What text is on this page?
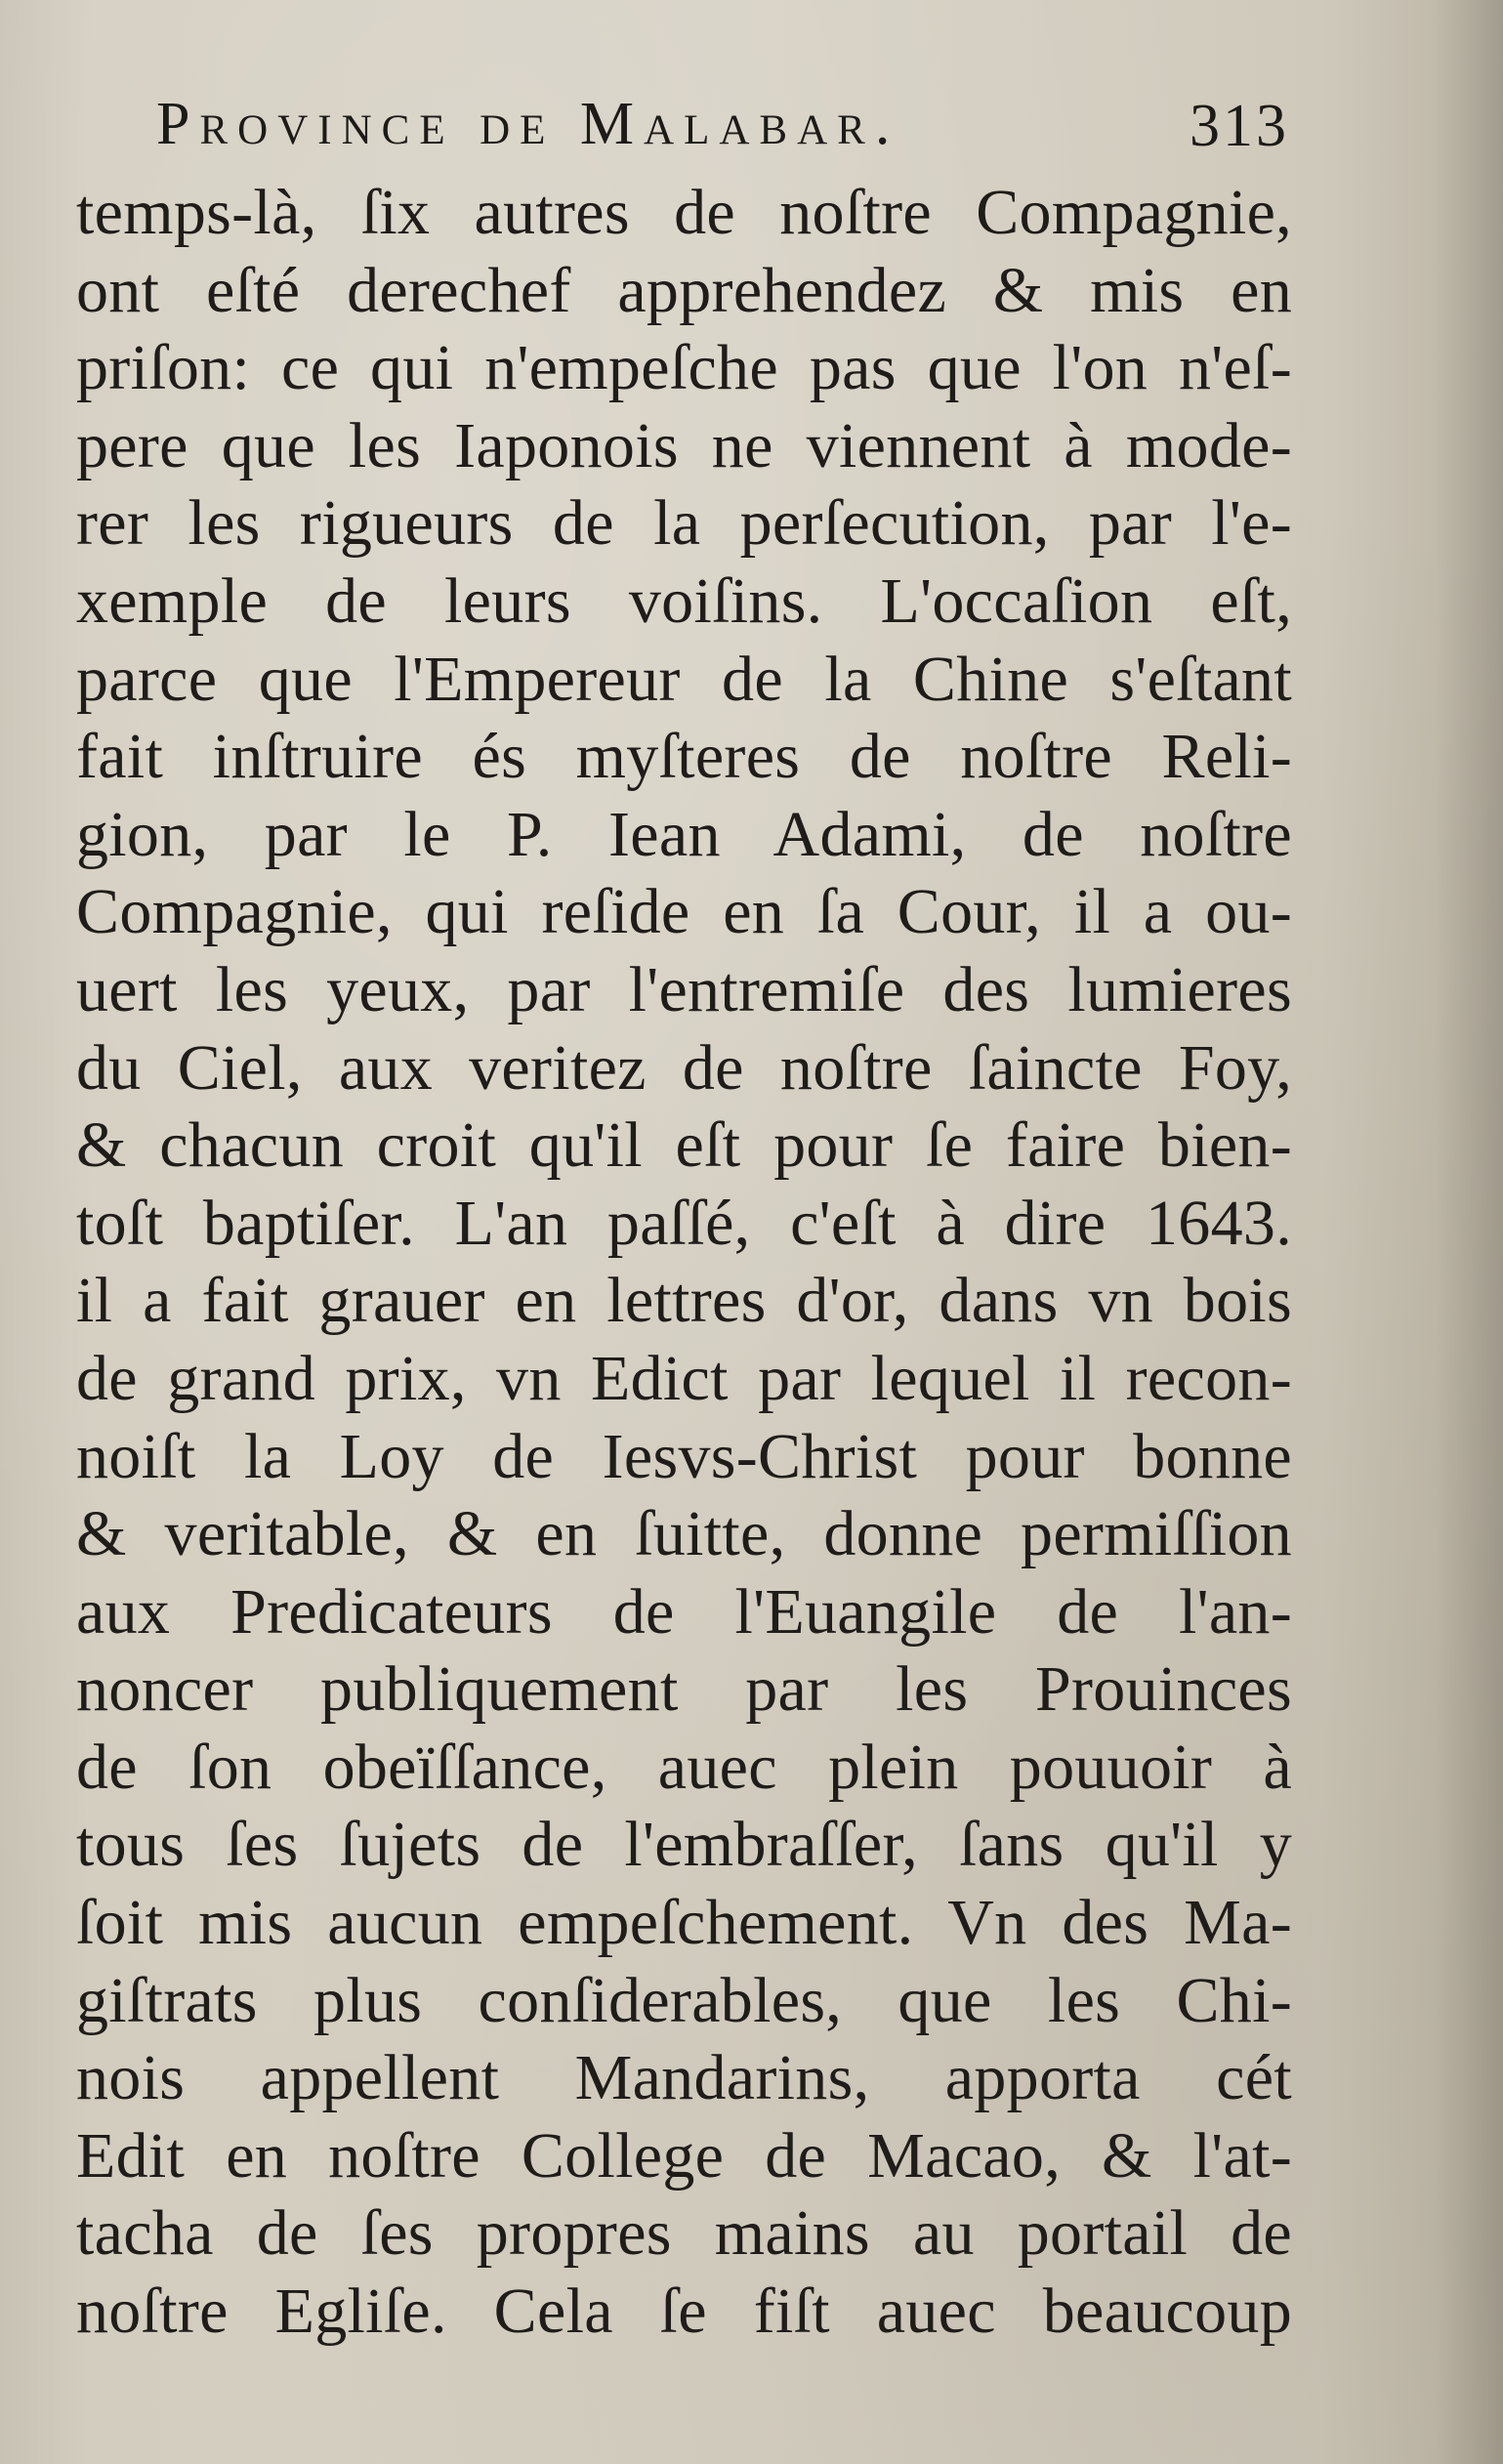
Province de Malabar.	313
temps-là, ſix autres de noſtre Compagnie,
ont eſté derechef apprehendez & mis en
priſon: ce qui n'empeſche pas que l'on n'eſ-
pere que les Iaponois ne viennent à mode-
rer les rigueurs de la perſecution, par l'e-
xemple de leurs voiſins. L'occaſion eſt,
parce que l'Empereur de la Chine s'eſtant
fait inſtruire és myſteres de noſtre Reli-
gion, par le P. Iean Adami, de noſtre
Compagnie, qui reſide en ſa Cour, il a ou-
uert les yeux, par l'entremiſe des lumieres
du Ciel, aux veritez de noſtre ſaincte Foy,
& chacun croit qu'il eſt pour ſe faire bien-
toſt baptiſer. L'an paſſé, c'eſt à dire 1643.
il a fait grauer en lettres d'or, dans vn bois
de grand prix, vn Edict par lequel il recon-
noiſt la Loy de Iesvs-Christ pour bonne
& veritable, & en ſuitte, donne permiſſion
aux Predicateurs de l'Euangile de l'an-
noncer publiquement par les Prouinces
de ſon obeïſſance, auec plein pouuoir à
tous ſes ſujets de l'embraſſer, ſans qu'il y
ſoit mis aucun empeſchement. Vn des Ma-
giſtrats plus conſiderables, que les Chi-
nois appellent Mandarins, apporta cét
Edit en noſtre College de Macao, & l'at-
tacha de ſes propres mains au portail de
noſtre Egliſe. Cela ſe fiſt auec beaucoup
